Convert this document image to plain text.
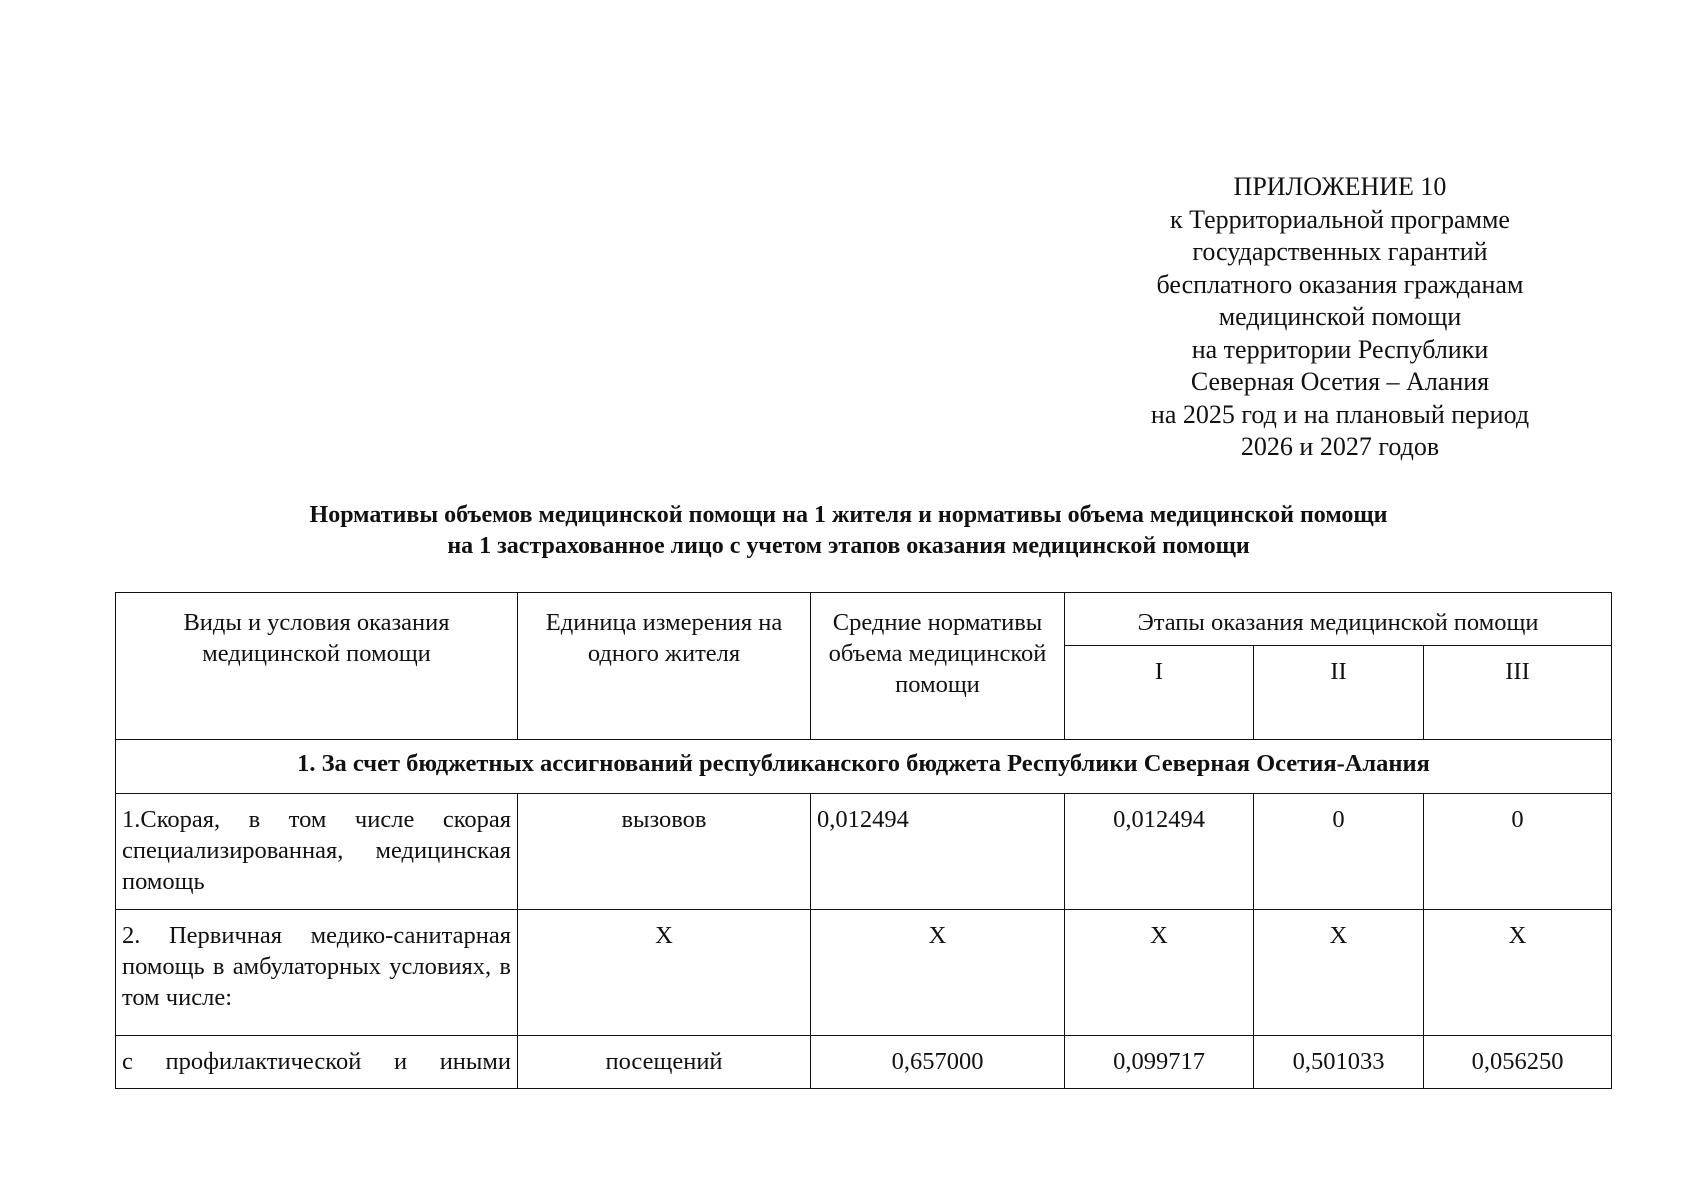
ПРИЛОЖЕНИЕ 10
к Территориальной программе
государственных гарантий
бесплатного оказания гражданам
медицинской помощи
на территории Республики
Северная Осетия – Алания
на 2025 год и на плановый период
2026 и 2027 годов
Нормативы объемов медицинской помощи на 1 жителя и нормативы объема медицинской помощи
на 1 застрахованное лицо с учетом этапов оказания медицинской помощи
Виды и условия оказания медицинской помощи	Единица измерения на одного жителя	Средние нормативы объема медицинской помощи	Этапы оказания медицинской помощи		
			I	II	III
1. За счет бюджетных ассигнований республиканского бюджета Республики Северная Осетия-Алания					
1.Скорая, в том числе скорая специализированная, медицинская помощь	вызовов	0,012494	0,012494	0	0
2. Первичная медико-санитарная помощь в амбулаторных условиях, в том числе:	Х	Х	Х	Х	Х
с профилактической и иными	посещений	0,657000	0,099717	0,501033	0,056250
